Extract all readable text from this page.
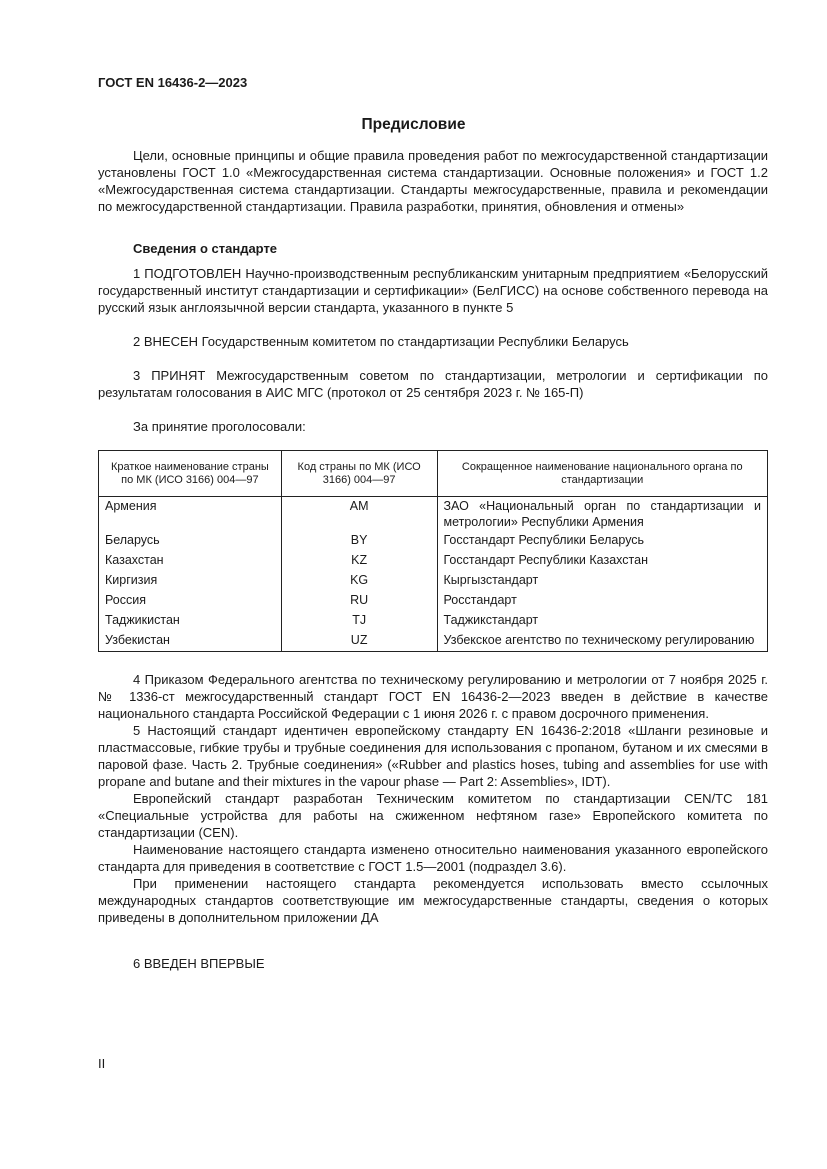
ГОСТ EN 16436-2—2023
Предисловие

Цели, основные принципы и общие правила проведения работ по межгосударственной стандартизации установлены ГОСТ 1.0 «Межгосударственная система стандартизации. Основные положения» и ГОСТ 1.2 «Межгосударственная система стандартизации. Стандарты межгосударственные, правила и рекомендации по межгосударственной стандартизации. Правила разработки, принятия, обновления и отмены»

Сведения о стандарте

1 ПОДГОТОВЛЕН Научно-производственным республиканским унитарным предприятием «Белорусский государственный институт стандартизации и сертификации» (БелГИСС) на основе собственного перевода на русский язык англоязычной версии стандарта, указанного в пункте 5

2 ВНЕСЕН Государственным комитетом по стандартизации Республики Беларусь

3 ПРИНЯТ Межгосударственным советом по стандартизации, метрологии и сертификации по результатам голосования в АИС МГС (протокол от 25 сентября 2023 г. № 165-П)

За принятие проголосовали:

Краткое наименование страны по МК (ИСО 3166) 004—97	Код страны по МК (ИСО 3166) 004—97	Сокращенное наименование национального органа по стандартизации
Армения	AM	ЗАО «Национальный орган по стандартизации и метрологии» Республики Армения
Беларусь	BY	Госстандарт Республики Беларусь
Казахстан	KZ	Госстандарт Республики Казахстан
Киргизия	KG	Кыргызстандарт
Россия	RU	Росстандарт
Таджикистан	TJ	Таджикстандарт
Узбекистан	UZ	Узбекское агентство по техническому регулированию

4 Приказом Федерального агентства по техническому регулированию и метрологии от 7 ноября 2025 г. № 1336-ст межгосударственный стандарт ГОСТ EN 16436-2—2023 введен в действие в качестве национального стандарта Российской Федерации с 1 июня 2026 г. с правом досрочного применения.

5 Настоящий стандарт идентичен европейскому стандарту EN 16436-2:2018 «Шланги резиновые и пластмассовые, гибкие трубы и трубные соединения для использования с пропаном, бутаном и их смесями в паровой фазе. Часть 2. Трубные соединения» («Rubber and plastics hoses, tubing and assemblies for use with propane and butane and their mixtures in the vapour phase — Part 2: Assemblies», IDT).

Европейский стандарт разработан Техническим комитетом по стандартизации CEN/TC 181 «Специальные устройства для работы на сжиженном нефтяном газе» Европейского комитета по стандартизации (CEN).

Наименование настоящего стандарта изменено относительно наименования указанного европейского стандарта для приведения в соответствие с ГОСТ 1.5—2001 (подраздел 3.6).

При применении настоящего стандарта рекомендуется использовать вместо ссылочных международных стандартов соответствующие им межгосударственные стандарты, сведения о которых приведены в дополнительном приложении ДА

6 ВВЕДЕН ВПЕРВЫЕ

II
